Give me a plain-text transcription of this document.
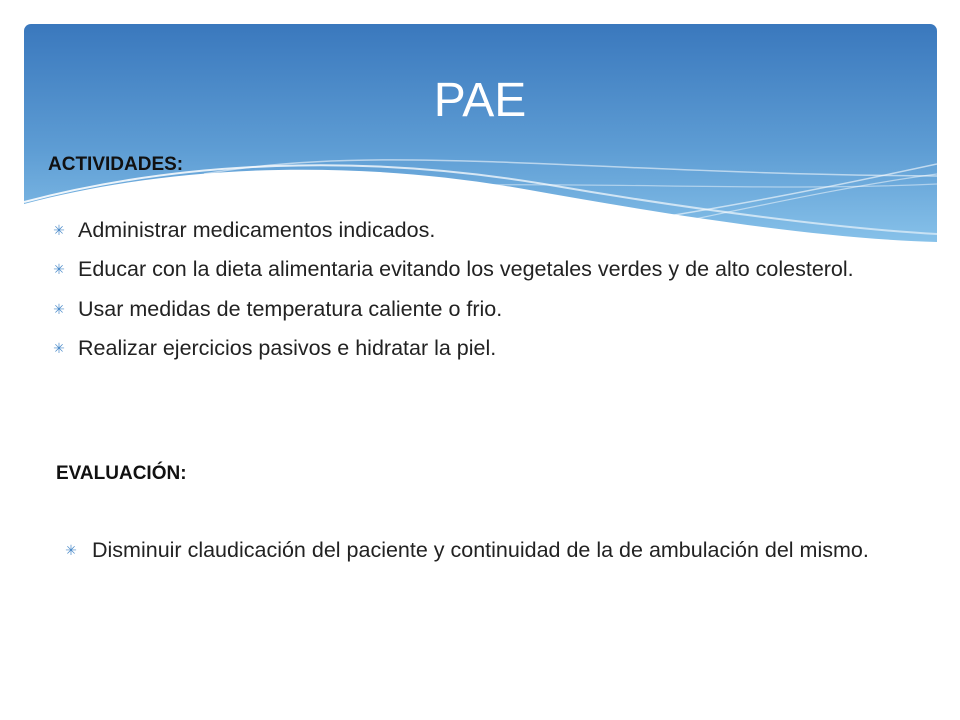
PAE
ACTIVIDADES:
✳ Administrar medicamentos indicados.
✳ Educar con la dieta alimentaria evitando los vegetales verdes y de alto colesterol.
✳ Usar medidas de temperatura caliente o frio.
✳ Realizar ejercicios pasivos e hidratar la piel.
EVALUACIÓN:
✳ Disminuir claudicación del paciente y continuidad de la de ambulación del mismo.
